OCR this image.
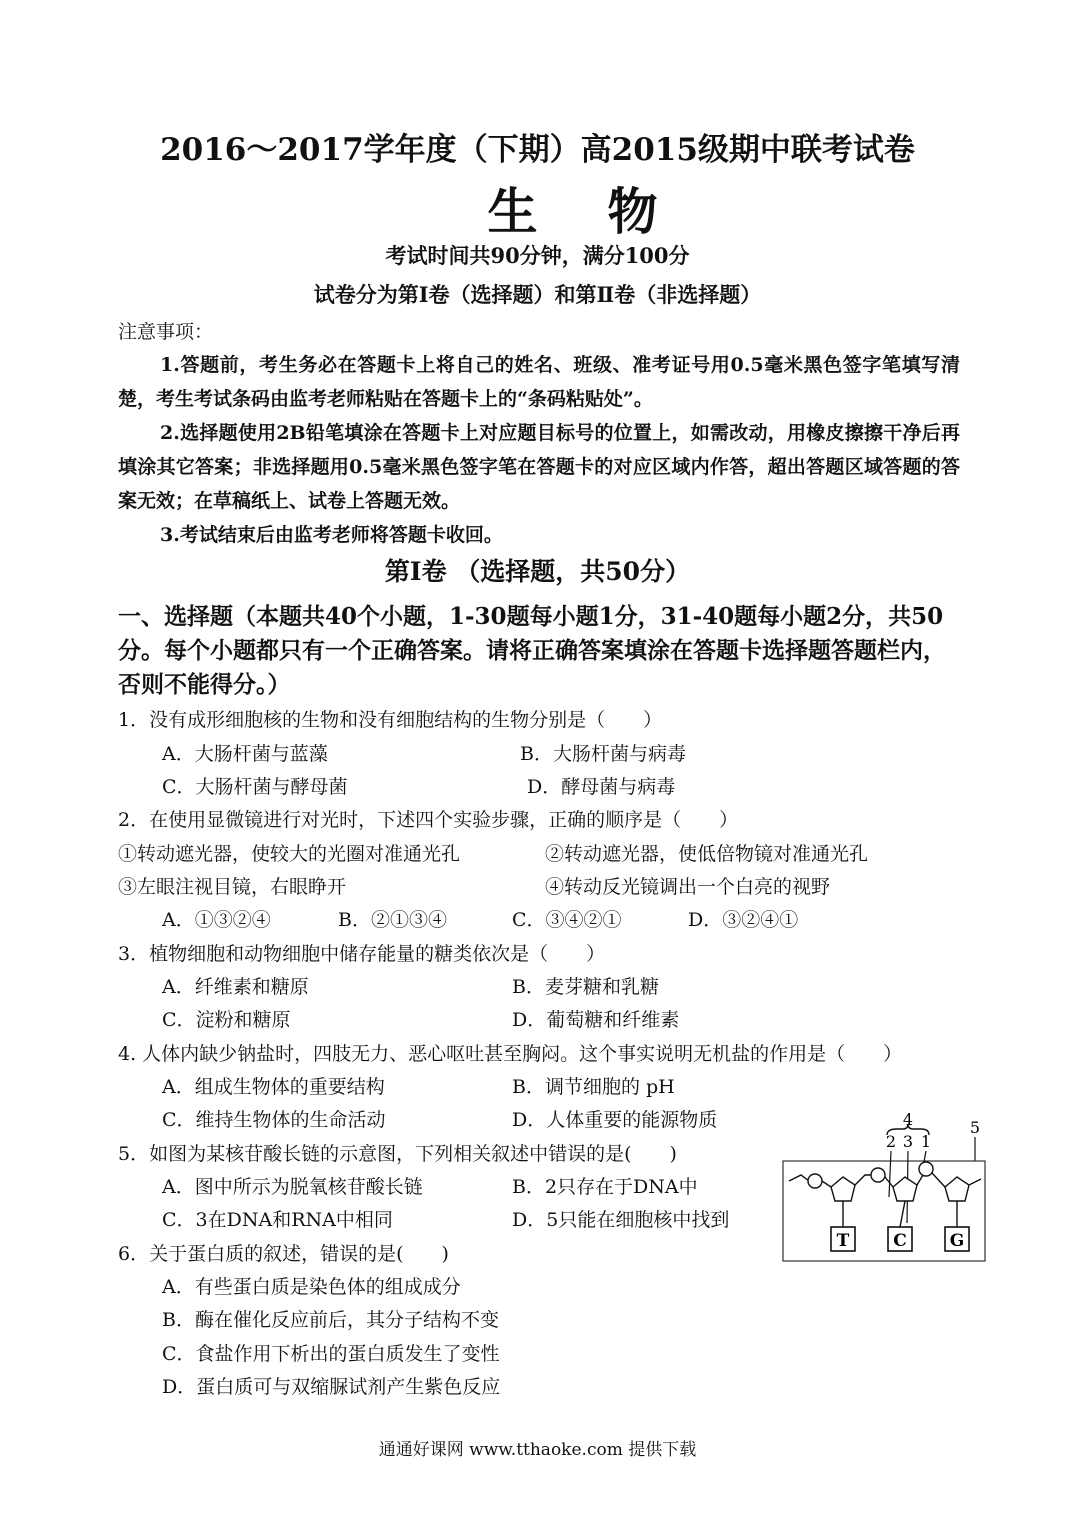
2016～2017学年度（下期）高2015级期中联考试卷
生物
考试时间共90分钟，满分100分
试卷分为第Ⅰ卷（选择题）和第Ⅱ卷（非选择题）
注意事项：
1.答题前，考生务必在答题卡上将自己的姓名、班级、准考证号用0.5毫米黑色签字笔填写清楚，考生考试条码由监考老师粘贴在答题卡上的“条码粘贴处”。
2.选择题使用2B铅笔填涂在答题卡上对应题目标号的位置上，如需改动，用橡皮擦擦干净后再填涂其它答案；非选择题用0.5毫米黑色签字笔在答题卡的对应区域内作答，超出答题区域答题的答案无效；在草稿纸上、试卷上答题无效。
3.考试结束后由监考老师将答题卡收回。
第Ⅰ卷 （选择题，共50分）
一、选择题（本题共40个小题，1-30题每小题1分，31-40题每小题2分，共50分。每个小题都只有一个正确答案。请将正确答案填涂在答题卡选择题答题栏内，否则不能得分。）
1．没有成形细胞核的生物和没有细胞结构的生物分别是（　　）
A．大肠杆菌与蓝藻	B．大肠杆菌与病毒
C．大肠杆菌与酵母菌	D．酵母菌与病毒
2．在使用显微镜进行对光时，下述四个实验步骤，正确的顺序是（　　）
①转动遮光器，使较大的光圈对准通光孔	②转动遮光器，使低倍物镜对准通光孔
③左眼注视目镜，右眼睁开	④转动反光镜调出一个白亮的视野
A．①③②④	B．②①③④	C．③④②①	D．③②④①
3．植物细胞和动物细胞中储存能量的糖类依次是（　　）
A．纤维素和糖原	B．麦芽糖和乳糖
C．淀粉和糖原	D．葡萄糖和纤维素
4. 人体内缺少钠盐时，四肢无力、恶心呕吐甚至胸闷。这个事实说明无机盐的作用是（　　）
A．组成生物体的重要结构	B．调节细胞的 pH
C．维持生物体的生命活动	D．人体重要的能源物质
5．如图为某核苷酸长链的示意图，下列相关叙述中错误的是(　　)
A．图中所示为脱氧核苷酸长链	B．2只存在于DNA中
C．3在DNA和RNA中相同	D．5只能在细胞核中找到
6．关于蛋白质的叙述，错误的是(　　)
A．有些蛋白质是染色体的组成成分
B．酶在催化反应前后，其分子结构不变
C．食盐作用下析出的蛋白质发生了变性
D．蛋白质可与双缩脲试剂产生紫色反应
4
2 3 1
5
T	C	G
通通好课网 www.tthaoke.com 提供下载
